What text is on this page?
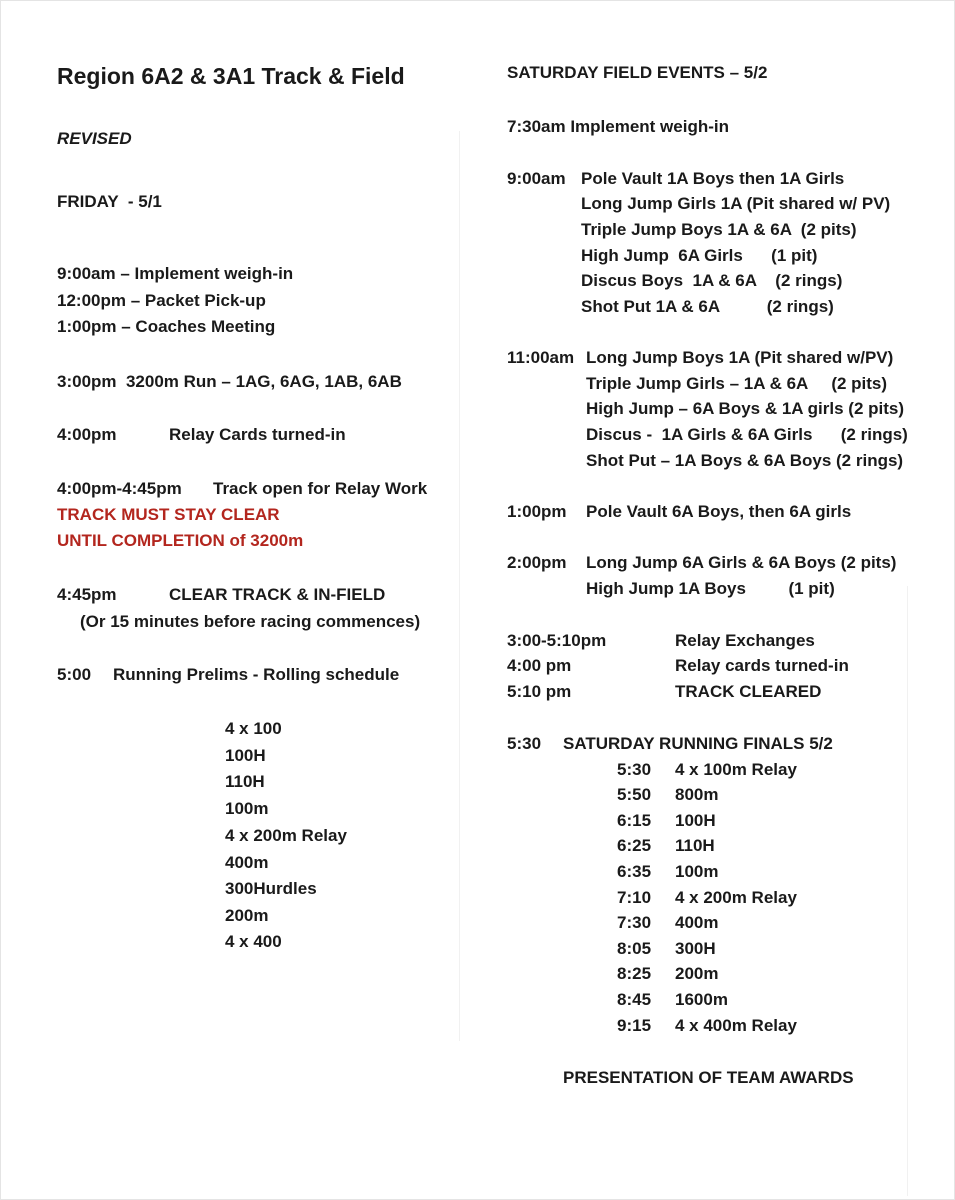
Region 6A2 & 3A1 Track & Field
REVISED
FRIDAY  - 5/1
9:00am – Implement weigh-in
12:00pm – Packet Pick-up
1:00pm – Coaches Meeting
3:00pm  3200m Run – 1AG, 6AG, 1AB, 6AB
4:00pm	Relay Cards turned-in
4:00pm-4:45pm Track open for Relay Work
TRACK MUST STAY CLEAR
UNTIL COMPLETION of 3200m
4:45pm	CLEAR TRACK & IN-FIELD
(Or 15 minutes before racing commences)
5:00 Running Prelims - Rolling schedule
4 x 100
100H
110H
100m
4 x 200m Relay
400m
300Hurdles
200m
4 x 400
SATURDAY FIELD EVENTS – 5/2
7:30am Implement weigh-in
9:00am Pole Vault 1A Boys then 1A Girls
Long Jump Girls 1A (Pit shared w/ PV)
Triple Jump Boys 1A & 6A  (2 pits)
High Jump  6A Girls      (1 pit)
Discus Boys  1A & 6A    (2 rings)
Shot Put 1A & 6A          (2 rings)
11:00am Long Jump Boys 1A (Pit shared w/PV)
Triple Jump Girls – 1A & 6A     (2 pits)
High Jump – 6A Boys & 1A girls (2 pits)
Discus -  1A Girls & 6A Girls      (2 rings)
Shot Put – 1A Boys & 6A Boys (2 rings)
1:00pm Pole Vault 6A Boys, then 6A girls
2:00pm Long Jump 6A Girls & 6A Boys (2 pits)
High Jump 1A Boys         (1 pit)
3:00-5:10pm	Relay Exchanges
4:00 pm	Relay cards turned-in
5:10 pm	TRACK CLEARED
5:30 SATURDAY RUNNING FINALS 5/2
5:30 4 x 100m Relay
5:50 800m
6:15 100H
6:25 110H
6:35 100m
7:10 4 x 200m Relay
7:30 400m
8:05 300H
8:25 200m
8:45 1600m
9:15 4 x 400m Relay
PRESENTATION OF TEAM AWARDS
